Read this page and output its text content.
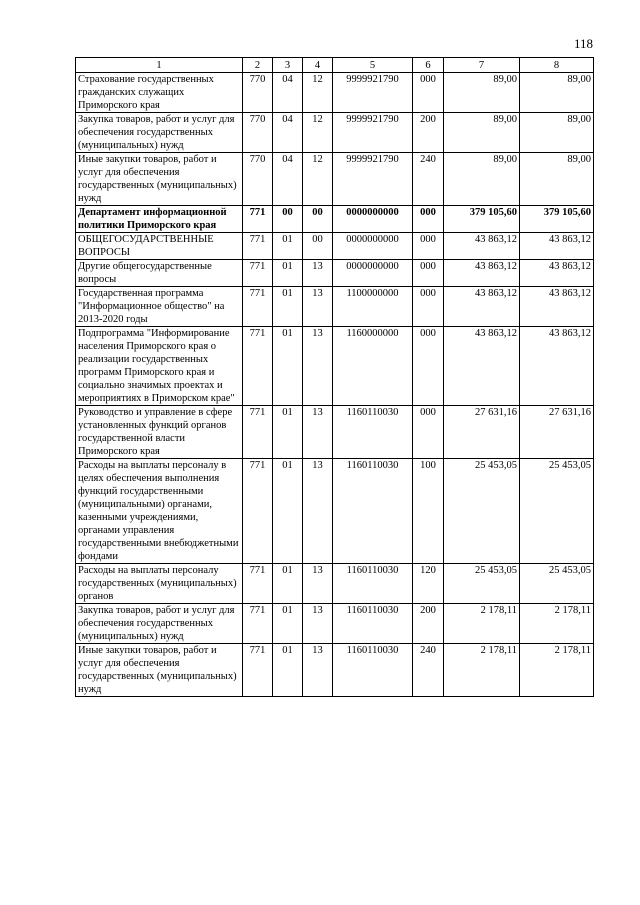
118
1	2	3	4	5	6	7	8
Страхование государственных гражданских служащих Приморского края	770	04	12	9999921790	000	89,00	89,00
Закупка товаров, работ и услуг для обеспечения государственных (муниципальных) нужд	770	04	12	9999921790	200	89,00	89,00
Иные закупки товаров, работ и услуг для обеспечения государственных (муниципальных) нужд	770	04	12	9999921790	240	89,00	89,00
Департамент информационной политики Приморского края	771	00	00	0000000000	000	379 105,60	379 105,60
ОБЩЕГОСУДАРСТВЕННЫЕ ВОПРОСЫ	771	01	00	0000000000	000	43 863,12	43 863,12
Другие общегосударственные вопросы	771	01	13	0000000000	000	43 863,12	43 863,12
Государственная программа "Информационное общество" на 2013-2020 годы	771	01	13	1100000000	000	43 863,12	43 863,12
Подпрограмма "Информирование населения Приморского края о реализации государственных программ Приморского края и социально значимых проектах и мероприятиях в Приморском крае"	771	01	13	1160000000	000	43 863,12	43 863,12
Руководство и управление в сфере установленных функций органов государственной власти Приморского края	771	01	13	1160110030	000	27 631,16	27 631,16
Расходы на выплаты персоналу в целях обеспечения выполнения функций государственными (муниципальными) органами, казенными учреждениями, органами управления государственными внебюджетными фондами	771	01	13	1160110030	100	25 453,05	25 453,05
Расходы на выплаты персоналу государственных (муниципальных) органов	771	01	13	1160110030	120	25 453,05	25 453,05
Закупка товаров, работ и услуг для обеспечения государственных (муниципальных) нужд	771	01	13	1160110030	200	2 178,11	2 178,11
Иные закупки товаров, работ и услуг для обеспечения государственных (муниципальных) нужд	771	01	13	1160110030	240	2 178,11	2 178,11
